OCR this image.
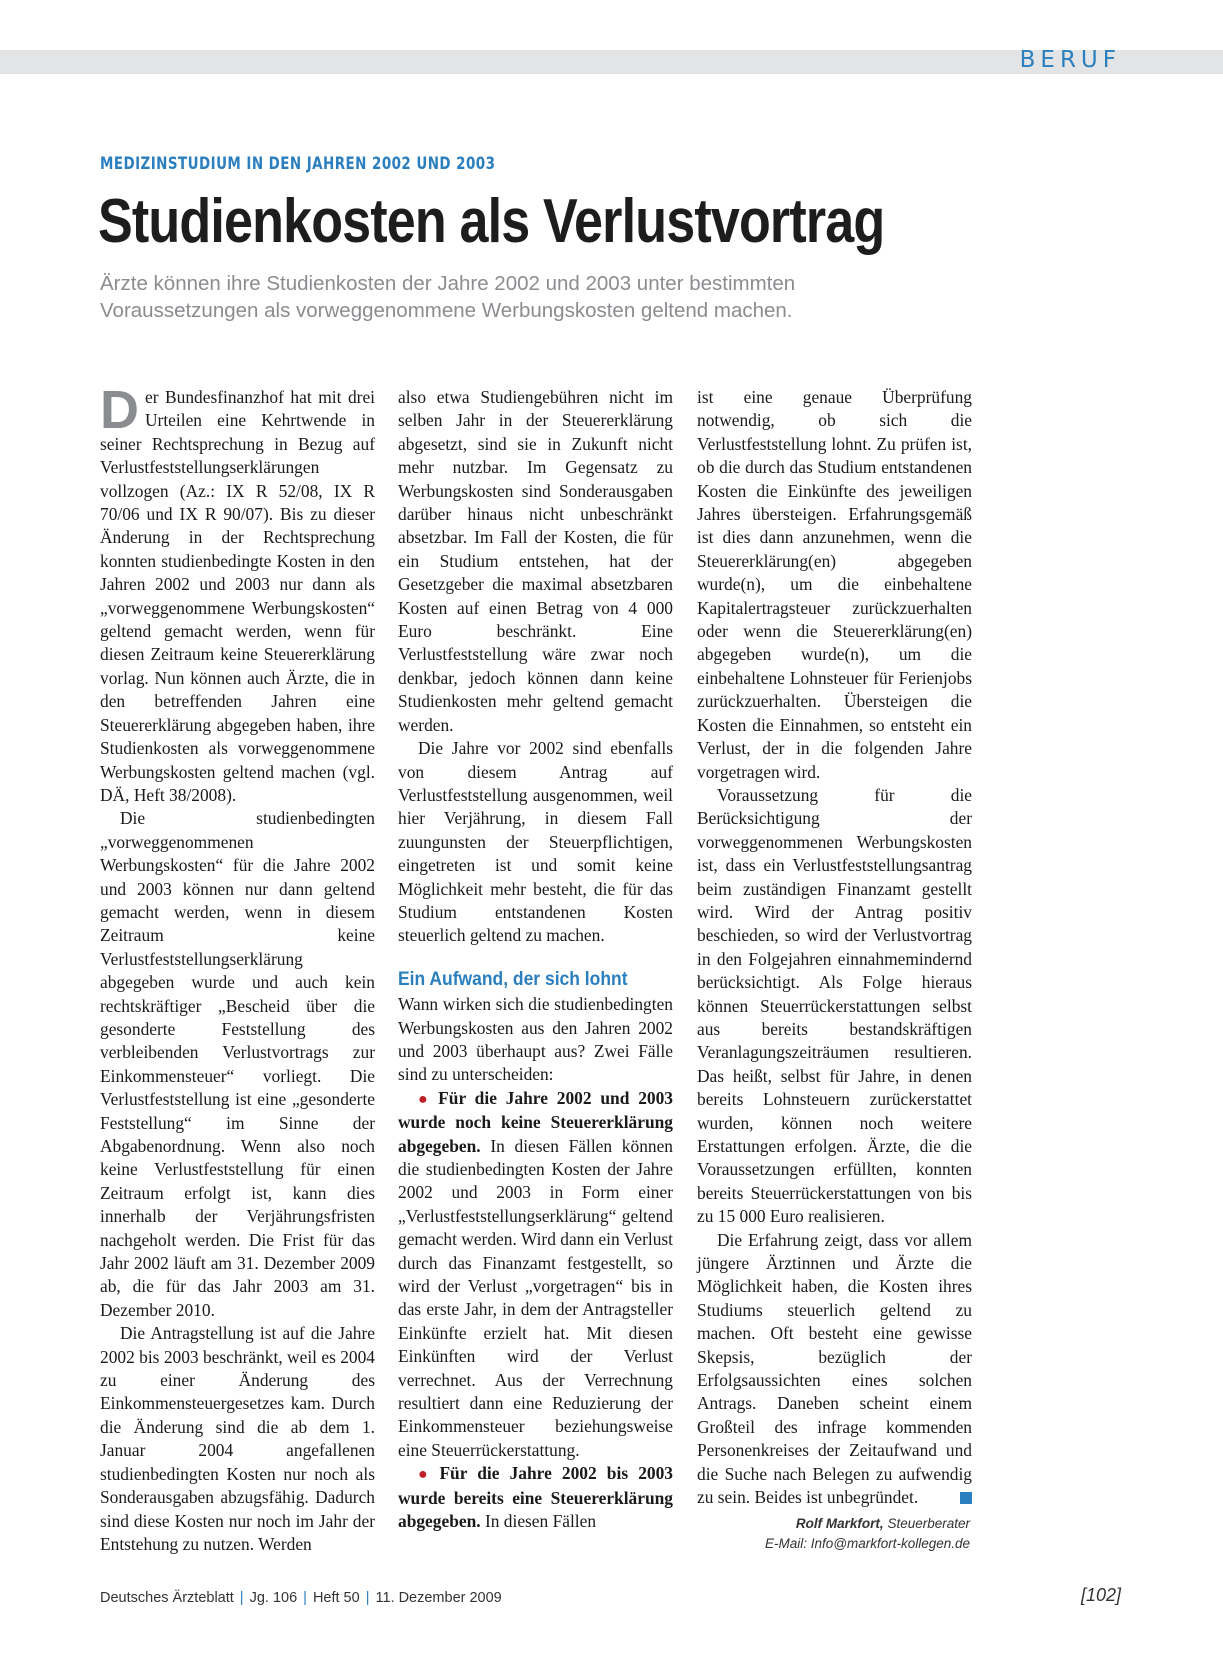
BERUF
MEDIZINSTUDIUM IN DEN JAHREN 2002 UND 2003
Studienkosten als Verlustvortrag

Ärzte können ihre Studienkosten der Jahre 2002 und 2003 unter bestimmten Voraussetzungen als vorweggenommene Werbungskosten geltend machen.

Der Bundesfinanzhof hat mit drei Urteilen eine Kehrtwende in seiner Rechtsprechung in Bezug auf Verlustfeststellungserklärungen vollzogen (Az.: IX R 52/08, IX R 70/06 und IX R 90/07). Bis zu dieser Änderung in der Rechtsprechung konnten studienbedingte Kosten in den Jahren 2002 und 2003 nur dann als „vorweggenommene Werbungskosten“ geltend gemacht werden, wenn für diesen Zeitraum keine Steuererklärung vorlag. Nun können auch Ärzte, die in den betreffenden Jahren eine Steuererklärung abgegeben haben, ihre Studienkosten als vorweggenommene Werbungskosten geltend machen (vgl. DÄ, Heft 38/2008).

Die studienbedingten „vorweggenommenen Werbungskosten“ für die Jahre 2002 und 2003 können nur dann geltend gemacht werden, wenn in diesem Zeitraum keine Verlustfeststellungserklärung abgegeben wurde und auch kein rechtskräftiger „Bescheid über die gesonderte Feststellung des verbleibenden Verlustvortrags zur Einkommensteuer“ vorliegt. Die Verlustfeststellung ist eine „gesonderte Feststellung“ im Sinne der Abgabenordnung. Wenn also noch keine Verlustfeststellung für einen Zeitraum erfolgt ist, kann dies innerhalb der Verjährungsfristen nachgeholt werden. Die Frist für das Jahr 2002 läuft am 31. Dezember 2009 ab, die für das Jahr 2003 am 31. Dezember 2010.

Die Antragstellung ist auf die Jahre 2002 bis 2003 beschränkt, weil es 2004 zu einer Änderung des Einkommensteuergesetzes kam. Durch die Änderung sind die ab dem 1. Januar 2004 angefallenen studienbedingten Kosten nur noch als Sonderausgaben abzugsfähig. Dadurch sind diese Kosten nur noch im Jahr der Entstehung zu nutzen. Werden

also etwa Studiengebühren nicht im selben Jahr in der Steuererklärung abgesetzt, sind sie in Zukunft nicht mehr nutzbar. Im Gegensatz zu Werbungskosten sind Sonderausgaben darüber hinaus nicht unbeschränkt absetzbar. Im Fall der Kosten, die für ein Studium entstehen, hat der Gesetzgeber die maximal absetzbaren Kosten auf einen Betrag von 4 000 Euro beschränkt. Eine Verlustfeststellung wäre zwar noch denkbar, jedoch können dann keine Studienkosten mehr geltend gemacht werden.

Die Jahre vor 2002 sind ebenfalls von diesem Antrag auf Verlustfeststellung ausgenommen, weil hier Verjährung, in diesem Fall zuungunsten der Steuerpflichtigen, eingetreten ist und somit keine Möglichkeit mehr besteht, die für das Studium entstandenen Kosten steuerlich geltend zu machen.

Ein Aufwand, der sich lohnt

Wann wirken sich die studienbedingten Werbungskosten aus den Jahren 2002 und 2003 überhaupt aus? Zwei Fälle sind zu unterscheiden:

● Für die Jahre 2002 und 2003 wurde noch keine Steuererklärung abgegeben. In diesen Fällen können die studienbedingten Kosten der Jahre 2002 und 2003 in Form einer „Verlustfeststellungserklärung“ geltend gemacht werden. Wird dann ein Verlust durch das Finanzamt festgestellt, so wird der Verlust „vorgetragen“ bis in das erste Jahr, in dem der Antragsteller Einkünfte erzielt hat. Mit diesen Einkünften wird der Verlust verrechnet. Aus der Verrechnung resultiert dann eine Reduzierung der Einkommensteuer beziehungsweise eine Steuerrückerstattung.

● Für die Jahre 2002 bis 2003 wurde bereits eine Steuererklärung abgegeben. In diesen Fällen

ist eine genaue Überprüfung notwendig, ob sich die Verlustfeststellung lohnt. Zu prüfen ist, ob die durch das Studium entstandenen Kosten die Einkünfte des jeweiligen Jahres übersteigen. Erfahrungsgemäß ist dies dann anzunehmen, wenn die Steuererklärung(en) abgegeben wurde(n), um die einbehaltene Kapitalertragsteuer zurückzuerhalten oder wenn die Steuererklärung(en) abgegeben wurde(n), um die einbehaltene Lohnsteuer für Ferienjobs zurückzuerhalten. Übersteigen die Kosten die Einnahmen, so entsteht ein Verlust, der in die folgenden Jahre vorgetragen wird.

Voraussetzung für die Berücksichtigung der vorweggenommenen Werbungskosten ist, dass ein Verlustfeststellungsantrag beim zuständigen Finanzamt gestellt wird. Wird der Antrag positiv beschieden, so wird der Verlustvortrag in den Folgejahren einnahmemindernd berücksichtigt. Als Folge hieraus können Steuerrückerstattungen selbst aus bereits bestandskräftigen Veranlagungszeiträumen resultieren. Das heißt, selbst für Jahre, in denen bereits Lohnsteuern zurückerstattet wurden, können noch weitere Erstattungen erfolgen. Ärzte, die die Voraussetzungen erfüllten, konnten bereits Steuerrückerstattungen von bis zu 15 000 Euro realisieren.

Die Erfahrung zeigt, dass vor allem jüngere Ärztinnen und Ärzte die Möglichkeit haben, die Kosten ihres Studiums steuerlich geltend zu machen. Oft besteht eine gewisse Skepsis, bezüglich der Erfolgsaussichten eines solchen Antrags. Daneben scheint einem Großteil des infrage kommenden Personenkreises der Zeitaufwand und die Suche nach Belegen zu aufwendig zu sein. Beides ist unbegründet.

Rolf Markfort, Steuerberater
E-Mail: Info@markfort-kollegen.de
Deutsches Ärzteblatt | Jg. 106 | Heft 50 | 11. Dezember 2009	[102]
